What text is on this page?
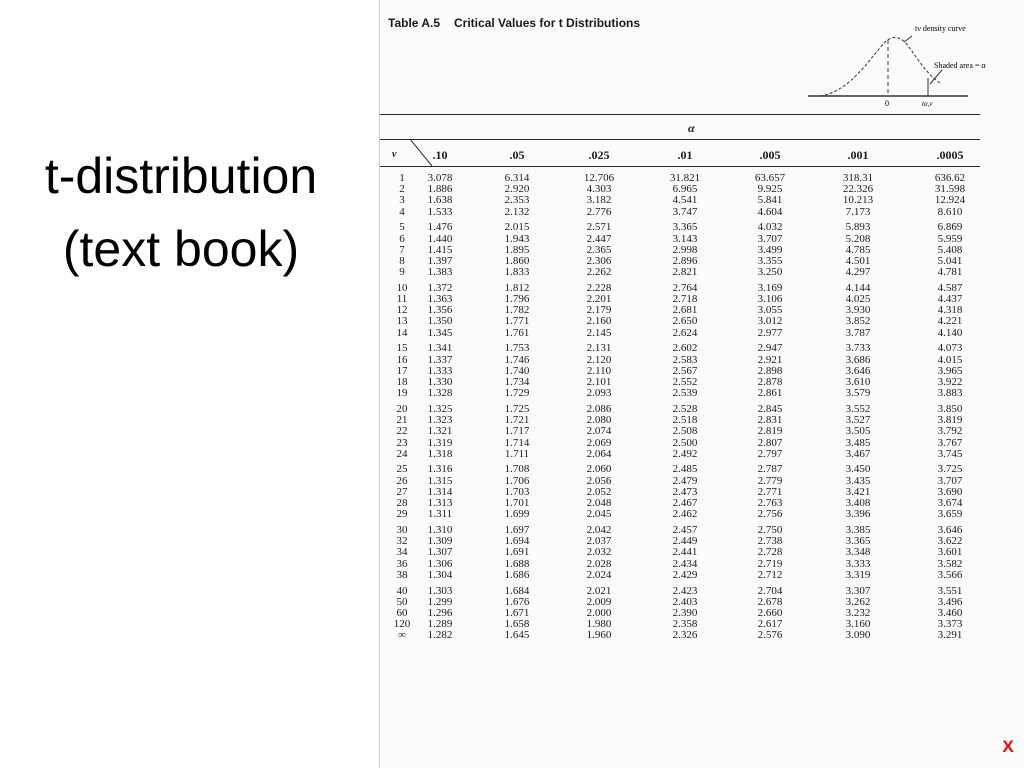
t-distribution
(text book)
Table A.5 Critical Values for t Distributions	tν density curve
Shaded area = α
0	tα,ν
α
ν	.10	.05	.025	.01	.005	.001	.0005
1	3.078	6.314	12.706	31.821	63.657	318.31	636.62
2	1.886	2.920	4.303	6.965	9.925	22.326	31.598
3	1.638	2.353	3.182	4.541	5.841	10.213	12.924
4	1.533	2.132	2.776	3.747	4.604	7.173	8.610
5	1.476	2.015	2.571	3.365	4.032	5.893	6.869
6	1.440	1.943	2.447	3.143	3.707	5.208	5.959
7	1.415	1.895	2.365	2.998	3.499	4.785	5.408
8	1.397	1.860	2.306	2.896	3.355	4.501	5.041
9	1.383	1.833	2.262	2.821	3.250	4.297	4.781
10	1.372	1.812	2.228	2.764	3.169	4.144	4.587
11	1.363	1.796	2.201	2.718	3.106	4.025	4.437
12	1.356	1.782	2.179	2.681	3.055	3.930	4.318
13	1.350	1.771	2.160	2.650	3.012	3.852	4.221
14	1.345	1.761	2.145	2.624	2.977	3.787	4.140
15	1.341	1.753	2.131	2.602	2.947	3.733	4.073
16	1.337	1.746	2.120	2.583	2.921	3.686	4.015
17	1.333	1.740	2.110	2.567	2.898	3.646	3.965
18	1.330	1.734	2.101	2.552	2.878	3.610	3.922
19	1.328	1.729	2.093	2.539	2.861	3.579	3.883
20	1.325	1.725	2.086	2.528	2.845	3.552	3.850
21	1.323	1.721	2.080	2.518	2.831	3.527	3.819
22	1.321	1.717	2.074	2.508	2.819	3.505	3.792
23	1.319	1.714	2.069	2.500	2.807	3.485	3.767
24	1.318	1.711	2.064	2.492	2.797	3.467	3.745
25	1.316	1.708	2.060	2.485	2.787	3.450	3.725
26	1.315	1.706	2.056	2.479	2.779	3.435	3.707
27	1.314	1.703	2.052	2.473	2.771	3.421	3.690
28	1.313	1.701	2.048	2.467	2.763	3.408	3.674
29	1.311	1.699	2.045	2.462	2.756	3.396	3.659
30	1.310	1.697	2.042	2.457	2.750	3.385	3.646
32	1.309	1.694	2.037	2.449	2.738	3.365	3.622
34	1.307	1.691	2.032	2.441	2.728	3.348	3.601
36	1.306	1.688	2.028	2.434	2.719	3.333	3.582
38	1.304	1.686	2.024	2.429	2.712	3.319	3.566
40	1.303	1.684	2.021	2.423	2.704	3.307	3.551
50	1.299	1.676	2.009	2.403	2.678	3.262	3.496
60	1.296	1.671	2.000	2.390	2.660	3.232	3.460
120	1.289	1.658	1.980	2.358	2.617	3.160	3.373
∞	1.282	1.645	1.960	2.326	2.576	3.090	3.291
X
